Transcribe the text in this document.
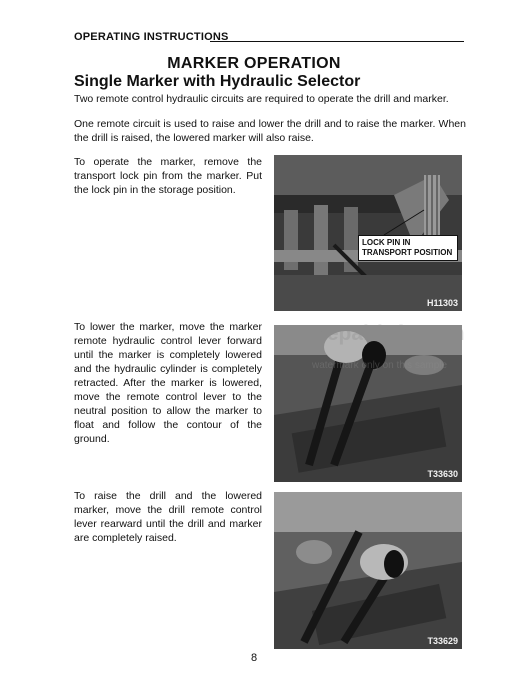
OPERATING INSTRUCTIONS
MARKER OPERATION
Single Marker with Hydraulic Selector
Two remote control hydraulic circuits are required to operate the drill and marker.
One remote circuit is used to raise and lower the drill and to raise the marker. When the drill is raised, the lowered marker will also raise.
To operate the marker, remove the transport lock pin from the marker. Put the lock pin in the storage position.
To lower the marker, move the marker remote hydraulic control lever forward until the marker is completely lowered and the hydraulic cylinder is completely retracted. After the marker is lowered, move the remote control lever to the neutral position to allow the marker to float and follow the contour of the ground.
To raise the drill and the lowered marker, move the drill remote control lever rearward until the drill and marker are completely raised.
LOCK PIN IN TRANSPORT POSITION
H11303
T33630
T33629
eRepairinfo.com
watermark only on this sample
8
